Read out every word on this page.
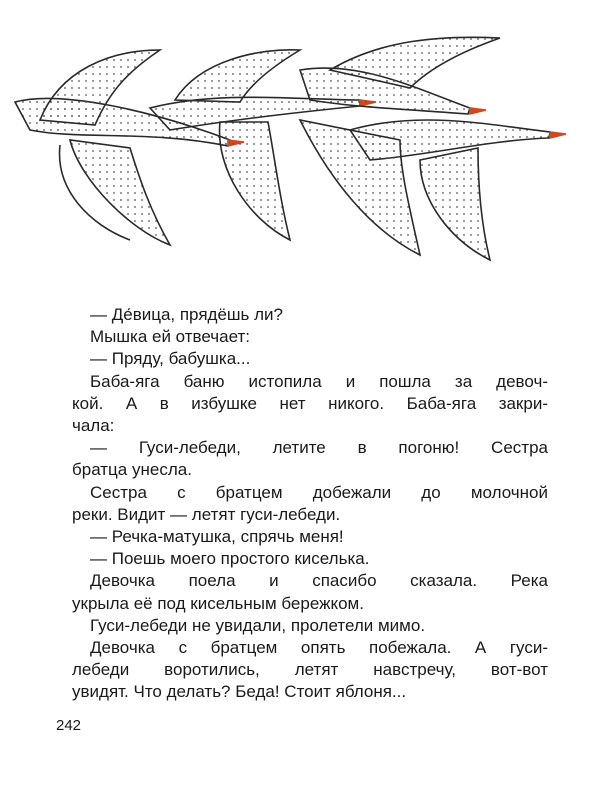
— Де́вица, прядёшь ли?

Мышка ей отвечает:

— Пряду, бабушка...

Баба-яга баню истопила и пошла за девоч-

кой. А в избушке нет никого. Баба-яга закри-

чала:

— Гуси-лебеди, летите в погоню! Сестра

братца унесла.

Сестра с братцем добежали до молочной

реки. Видит — летят гуси-лебеди.

— Речка-матушка, спрячь меня!

— Поешь моего простого киселька.

Девочка поела и спасибо сказала. Река

укрыла её под кисельным бережком.

Гуси-лебеди не увидали, пролетели мимо.

Девочка с братцем опять побежала. А гуси-

лебеди воротились, летят навстречу, вот-вот

увидят. Что делать? Беда! Стоит яблоня...

242
